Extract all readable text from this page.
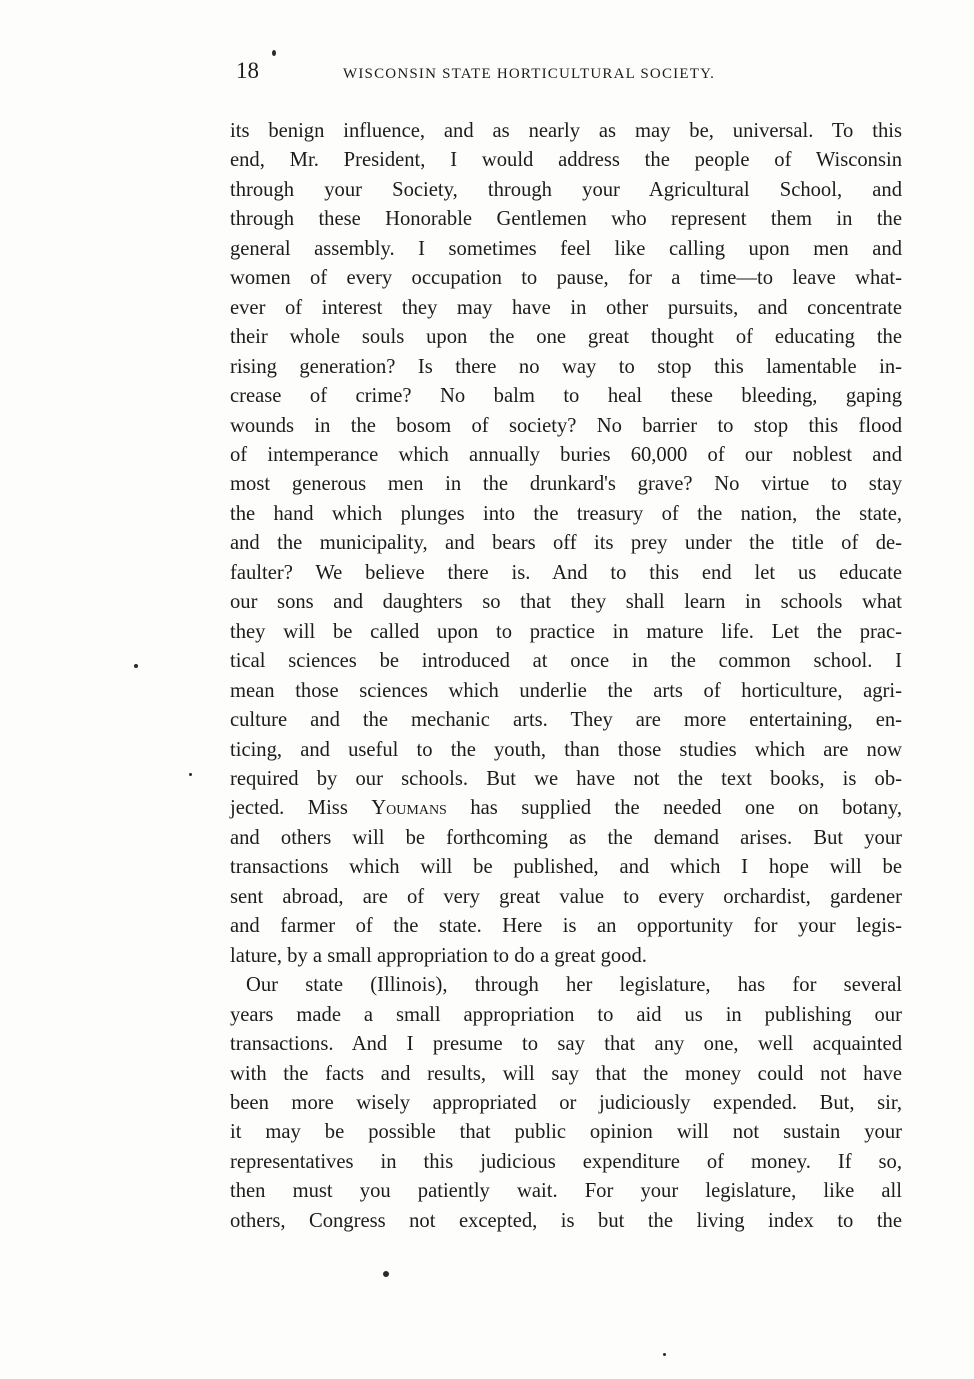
18	WISCONSIN STATE HORTICULTURAL SOCIETY.

its benign influence, and as nearly as may be, universal. To this
end, Mr. President, I would address the people of Wisconsin
through your Society, through your Agricultural School, and
through these Honorable Gentlemen who represent them in the
general assembly. I sometimes feel like calling upon men and
women of every occupation to pause, for a time—to leave what-
ever of interest they may have in other pursuits, and concentrate
their whole souls upon the one great thought of educating the
rising generation? Is there no way to stop this lamentable in-
crease of crime? No balm to heal these bleeding, gaping
wounds in the bosom of society? No barrier to stop this flood
of intemperance which annually buries 60,000 of our noblest and
most generous men in the drunkard's grave? No virtue to stay
the hand which plunges into the treasury of the nation, the state,
and the municipality, and bears off its prey under the title of de-
faulter? We believe there is. And to this end let us educate
our sons and daughters so that they shall learn in schools what
they will be called upon to practice in mature life. Let the prac-
tical sciences be introduced at once in the common school. I
mean those sciences which underlie the arts of horticulture, agri-
culture and the mechanic arts. They are more entertaining, en-
ticing, and useful to the youth, than those studies which are now
required by our schools. But we have not the text books, is ob-
jected. Miss Youmans has supplied the needed one on botany,
and others will be forthcoming as the demand arises. But your
transactions which will be published, and which I hope will be
sent abroad, are of very great value to every orchardist, gardener
and farmer of the state. Here is an opportunity for your legis-
lature, by a small appropriation to do a great good.

Our state (Illinois), through her legislature, has for several
years made a small appropriation to aid us in publishing our
transactions. And I presume to say that any one, well acquainted
with the facts and results, will say that the money could not have
been more wisely appropriated or judiciously expended. But, sir,
it may be possible that public opinion will not sustain your
representatives in this judicious expenditure of money. If so,
then must you patiently wait. For your legislature, like all
others, Congress not excepted, is but the living index to the
